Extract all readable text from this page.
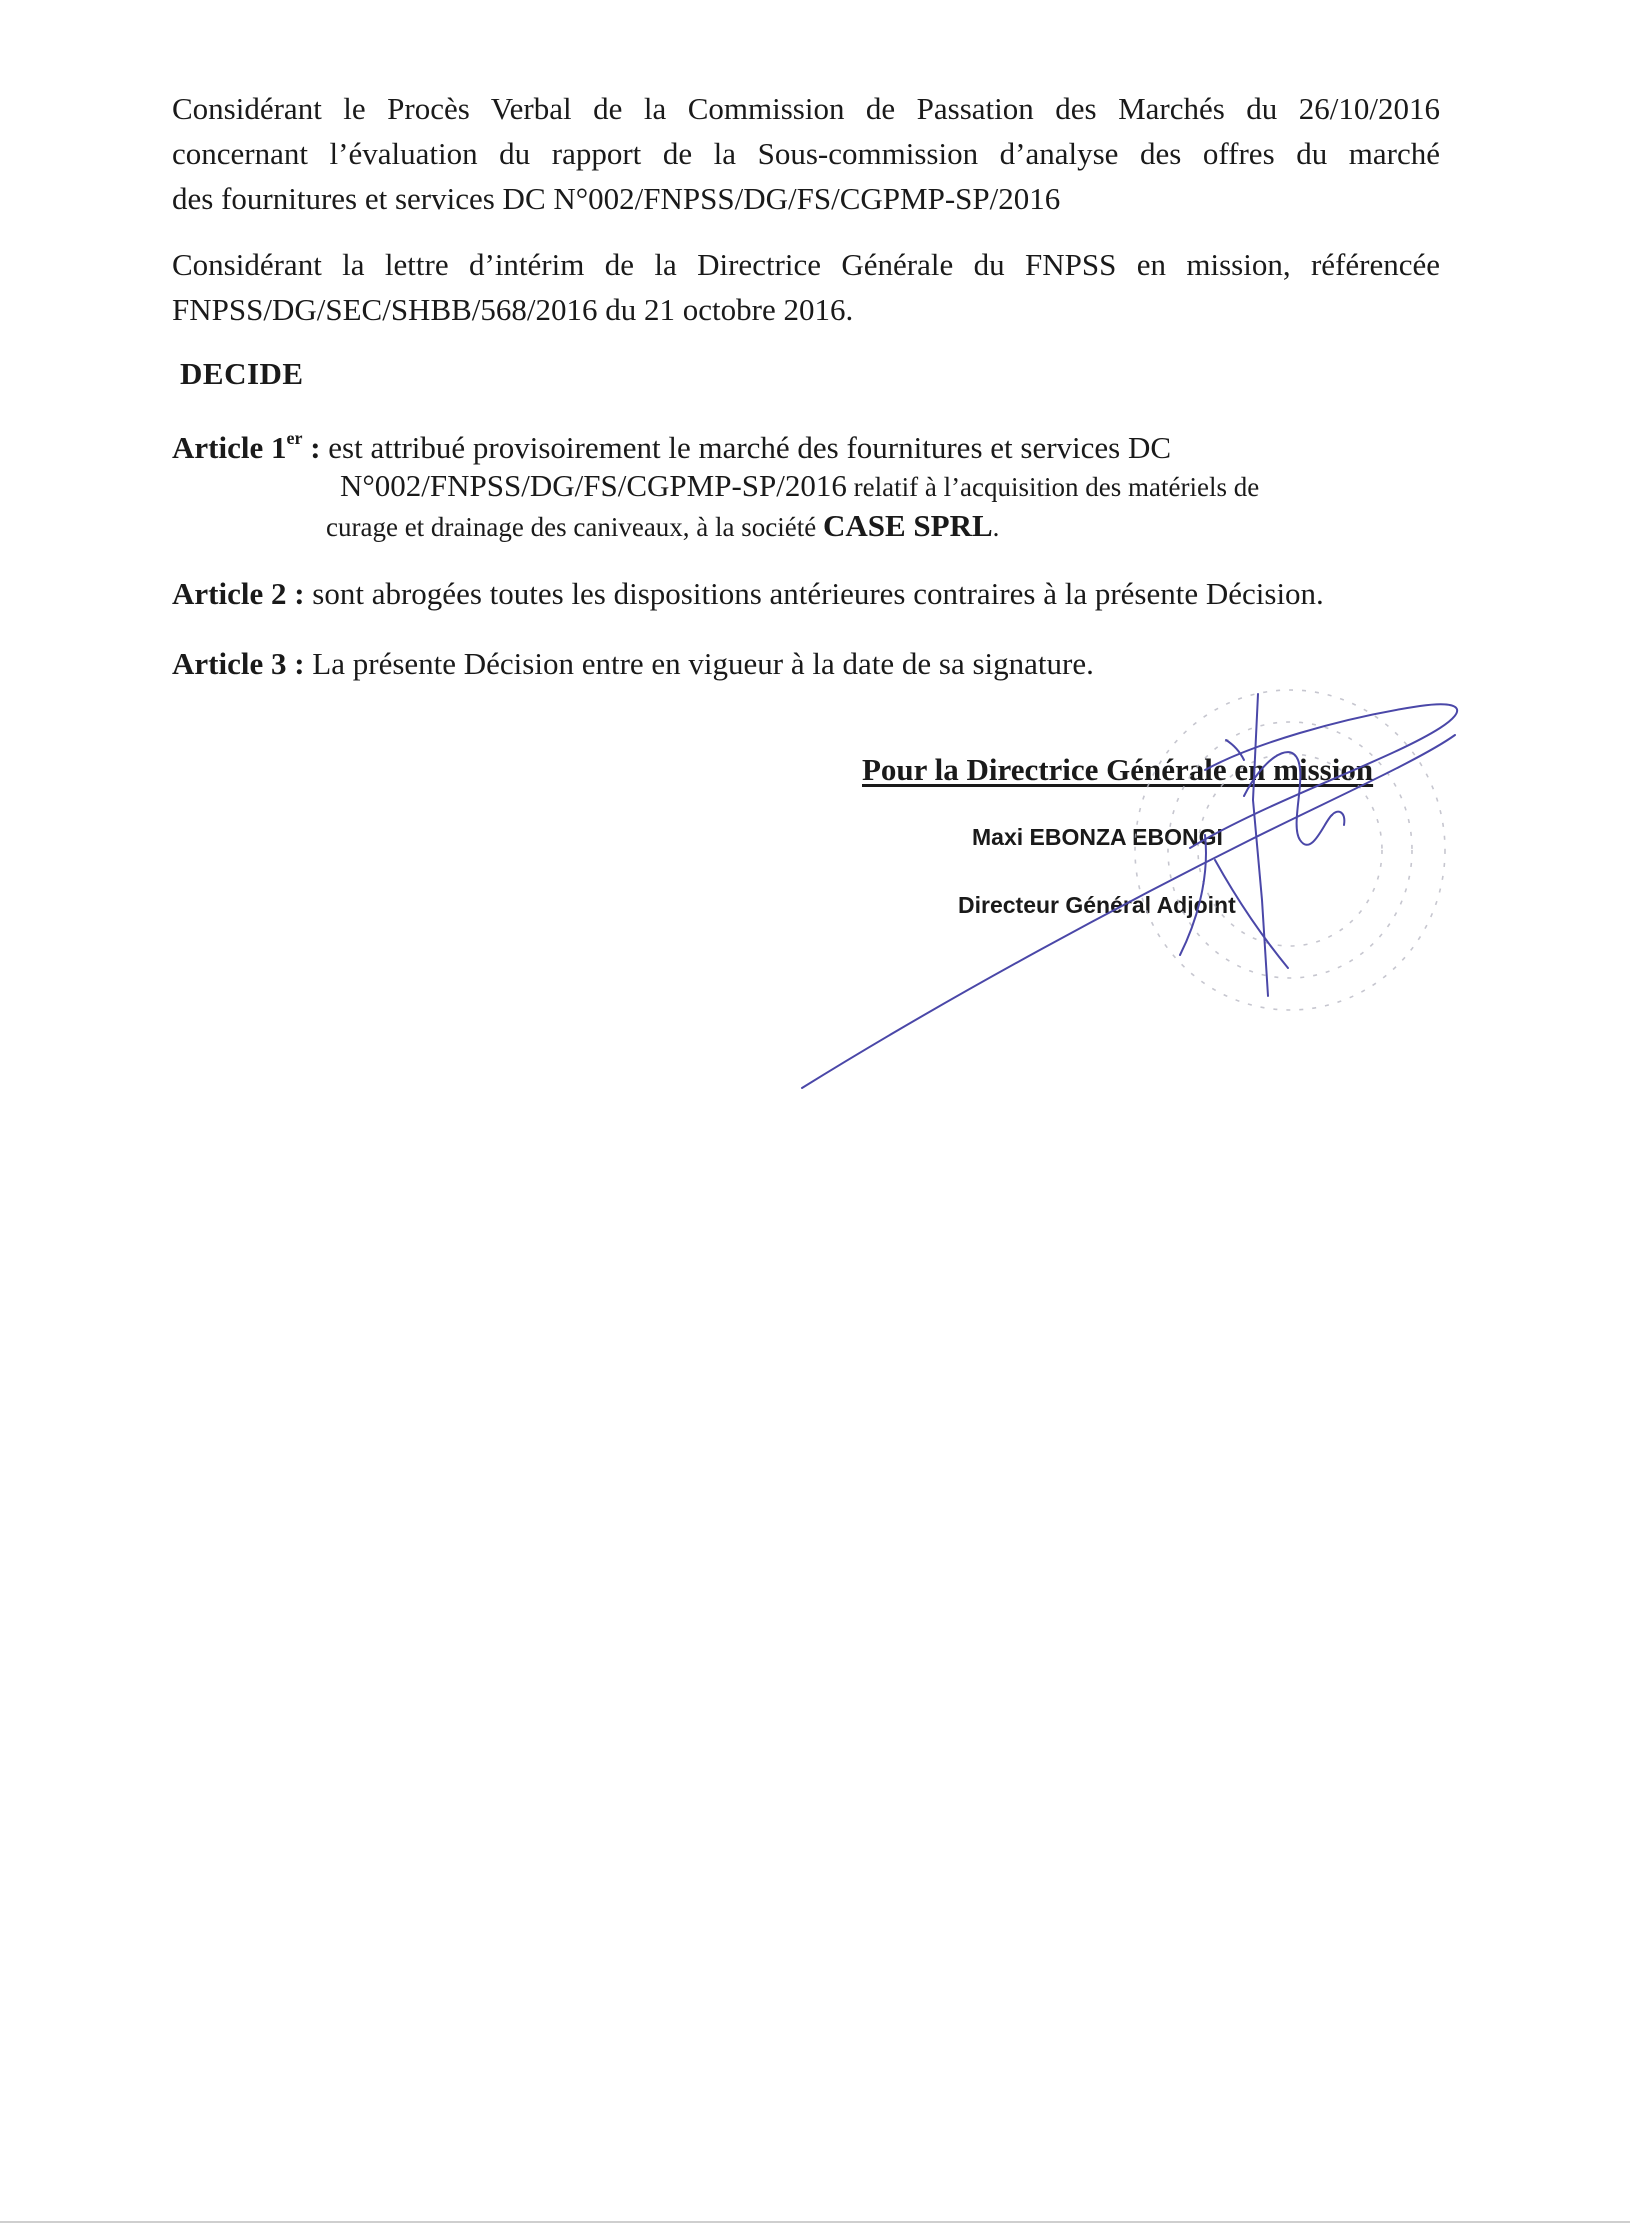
Considérant le Procès Verbal de la Commission de Passation des Marchés du 26/10/2016
concernant l’évaluation du rapport de la Sous-commission d’analyse des offres du marché
des fournitures et services DC N°002/FNPSS/DG/FS/CGPMP-SP/2016
Considérant la lettre d’intérim de la Directrice Générale du FNPSS en mission, référencée
FNPSS/DG/SEC/SHBB/568/2016 du 21 octobre 2016.
DECIDE
Article 1er : est attribué provisoirement le marché des fournitures et services DC
N°002/FNPSS/DG/FS/CGPMP-SP/2016 relatif à l’acquisition des matériels de
curage et drainage des caniveaux, à la société CASE SPRL.
Article 2 : sont abrogées toutes les dispositions antérieures contraires à la présente Décision.
Article 3 : La présente Décision entre en vigueur à la date de sa signature.
Pour la Directrice Générale en mission
Maxi EBONZA EBONGI
Directeur Général Adjoint
